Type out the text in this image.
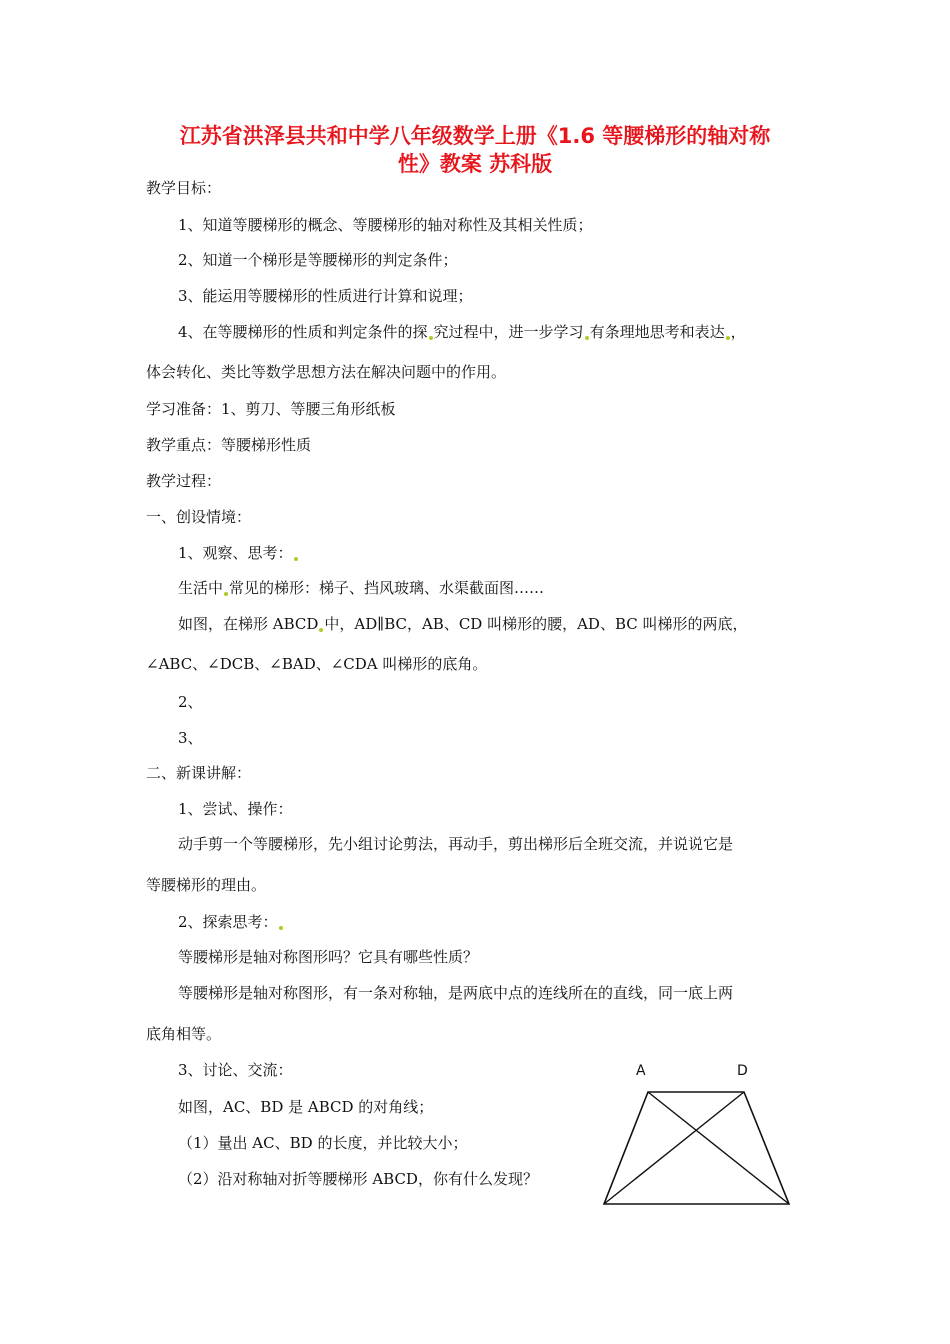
江苏省洪泽县共和中学八年级数学上册《1.6 等腰梯形的轴对称
性》教案 苏科版
教学目标：
1、知道等腰梯形的概念、等腰梯形的轴对称性及其相关性质；
2、知道一个梯形是等腰梯形的判定条件；
3、能运用等腰梯形的性质进行计算和说理；
4、在等腰梯形的性质和判定条件的探 究过程中，进一步学习 有条理地思考和表达 ，
体会转化、类比等数学思想方法在解决问题中的作用。
学习准备：1、剪刀、等腰三角形纸板
教学重点：等腰梯形性质
教学过程：
一、创设情境：
1、观察、思考：
生活中 常见的梯形：梯子、挡风玻璃、水渠截面图……
如图，在梯形 ABCD 中，AD∥BC，AB、CD 叫梯形的腰，AD、BC 叫梯形的两底，
∠ABC、∠DCB、∠BAD、∠CDA 叫梯形的底角。
2、
3、
二、新课讲解：
1、尝试、操作：
动手剪一个等腰梯形，先小组讨论剪法，再动手，剪出梯形后全班交流，并说说它是
等腰梯形的理由。
2、探索思考：
等腰梯形是轴对称图形吗？它具有哪些性质？
等腰梯形是轴对称图形，有一条对称轴，是两底中点的连线所在的直线，同一底上两
底角相等。
3、讨论、交流：
如图，AC、BD 是 ABCD 的对角线；
（1）量出 AC、BD 的长度，并比较大小；
（2）沿对称轴对折等腰梯形 ABCD，你有什么发现？
A	D
